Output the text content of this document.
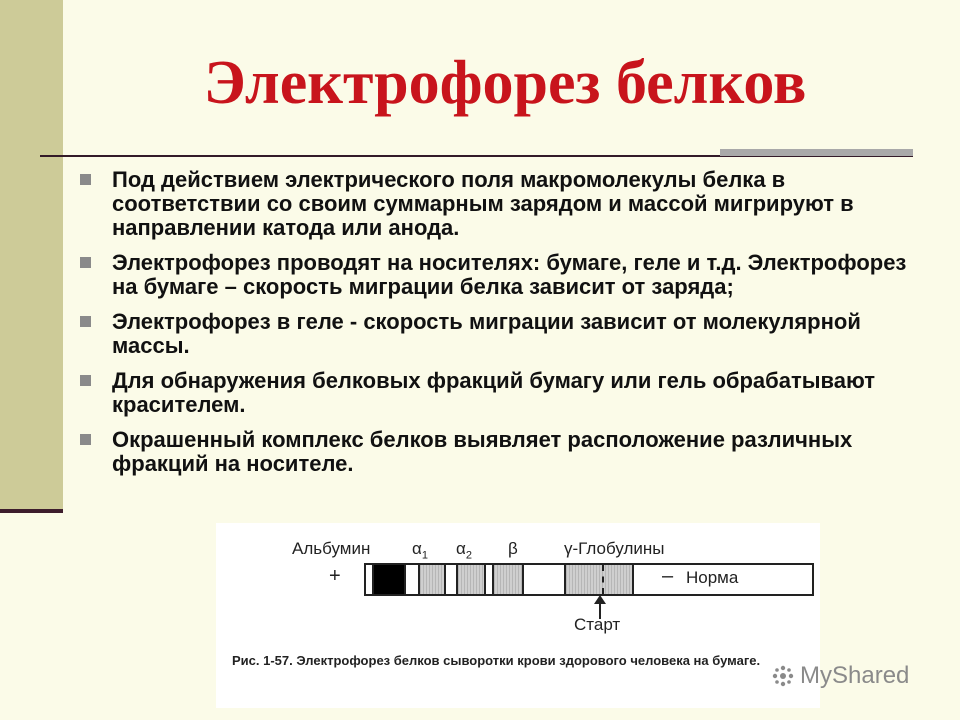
Электрофорез белков
Под действием электрического поля макромолекулы белка в соответствии со своим суммарным зарядом и массой мигрируют в направлении катода или анода.
Электрофорез проводят на носителях: бумаге, геле и т.д. Электрофорез на бумаге – скорость миграции белка зависит от заряда;
Электрофорез в геле - скорость миграции зависит от молекулярной массы.
Для обнаружения белковых фракций бумагу или гель обрабатывают красителем.
Окрашенный комплекс белков выявляет расположение различных фракций на носителе.
Альбумин $\alpha_1$ $\alpha_2$ β	γ-Глобулины
+	– Норма
Старт
Рис. 1-57. Электрофорез белков сыворотки крови здорового человека на бумаге.
MyShared
